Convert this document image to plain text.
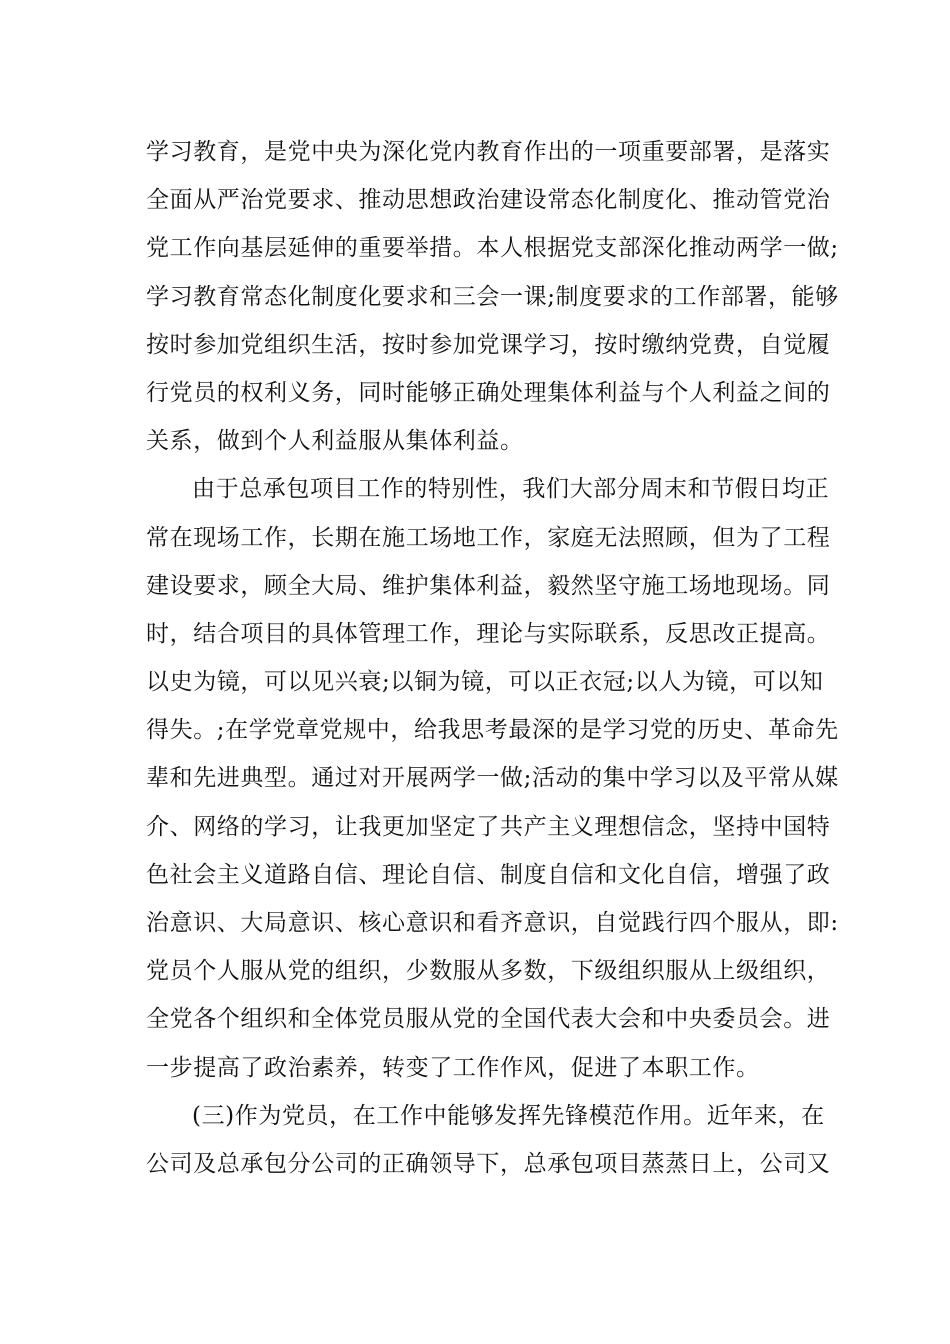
学习教育，是党中央为深化党内教育作出的一项重要部署，是落实
全面从严治党要求、推动思想政治建设常态化制度化、推动管党治
党工作向基层延伸的重要举措。本人根据党支部深化推动两学一做;
学习教育常态化制度化要求和三会一课;制度要求的工作部署，能够
按时参加党组织生活，按时参加党课学习，按时缴纳党费，自觉履
行党员的权利义务，同时能够正确处理集体利益与个人利益之间的
关系，做到个人利益服从集体利益。
由于总承包项目工作的特别性，我们大部分周末和节假日均正
常在现场工作，长期在施工场地工作，家庭无法照顾，但为了工程
建设要求，顾全大局、维护集体利益，毅然坚守施工场地现场。同
时，结合项目的具体管理工作，理论与实际联系，反思改正提高。
以史为镜，可以见兴衰;以铜为镜，可以正衣冠;以人为镜，可以知
得失。;在学党章党规中，给我思考最深的是学习党的历史、革命先
辈和先进典型。通过对开展两学一做;活动的集中学习以及平常从媒
介、网络的学习，让我更加坚定了共产主义理想信念，坚持中国特
色社会主义道路自信、理论自信、制度自信和文化自信，增强了政
治意识、大局意识、核心意识和看齐意识，自觉践行四个服从，即:
党员个人服从党的组织，少数服从多数，下级组织服从上级组织，
全党各个组织和全体党员服从党的全国代表大会和中央委员会。进
一步提高了政治素养，转变了工作作风，促进了本职工作。
(三)作为党员，在工作中能够发挥先锋模范作用。近年来，在
公司及总承包分公司的正确领导下，总承包项目蒸蒸日上，公司又
